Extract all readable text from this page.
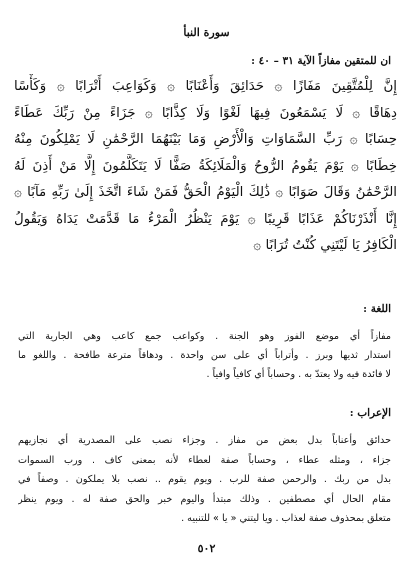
سورة النبأ
ان للمتقين مفازاً الآية ٣١ – ٤٠ :
إِنَّ لِلْمُتَّقِينَ مَفَازًا ۞ حَدَائِقَ وَأَعْنَابًا ۞ وَكَوَاعِبَ أَتْرَابًا ۞ وَكَأْسًا
دِهَاقًا ۞ لَا يَسْمَعُونَ فِيهَا لَغْوًا وَلَا كِذَّابًا ۞ جَزَاءً مِنْ رَبِّكَ عَطَاءً
حِسَابًا ۞ رَبِّ السَّمَاوَاتِ وَالْأَرْضِ وَمَا بَيْنَهُمَا الرَّحْمَٰنِ لَا يَمْلِكُونَ مِنْهُ
خِطَابًا ۞ يَوْمَ يَقُومُ الرُّوحُ وَالْمَلَائِكَةُ صَفًّا لَا يَتَكَلَّمُونَ إِلَّا مَنْ أَذِنَ لَهُ
الرَّحْمَٰنُ وَقَالَ صَوَابًا ۞ ذَٰلِكَ الْيَوْمُ الْحَقُّ فَمَنْ شَاءَ اتَّخَذَ إِلَىٰ رَبِّهِ مَآبًا ۞
إِنَّا أَنْذَرْنَاكُمْ عَذَابًا قَرِيبًا ۞ يَوْمَ يَنْظُرُ الْمَرْءُ مَا قَدَّمَتْ يَدَاهُ وَيَقُولُ
الْكَافِرُ يَا لَيْتَنِي كُنْتُ تُرَابًا ۞
اللغة :
مفازاً أي موضع الفوز وهو الجنة . وكواعب جمع كاعب وهي الجارية التي
استدار ثديها وبرز . وأتراباً أي على سن واحدة . ودهاقاً مترعة طافحة . واللغو ما
لا فائدة فيه ولا يعتدّ به . وحساباً أي كافياً وافياً .
الإعراب :
حدائق وأعناباً بدل بعض من مفاز . وجزاء نصب على المصدرية أي نجازيهم
جزاء ، ومثله عطاء ، وحساباً صفة لعطاء لأنه بمعنى كاف . ورب السموات
بدل من ربك . والرحمن صفة للرب . ويوم يقوم .. نصب بلا يملكون . وصفاً في
مقام الحال أي مصطفين . وذلك مبتدأ واليوم خبر والحق صفة له . ويوم ينظر
متعلق بمحذوف صفة لعذاب . ويا ليتني « يا » للتنبيه .
٥٠٢
